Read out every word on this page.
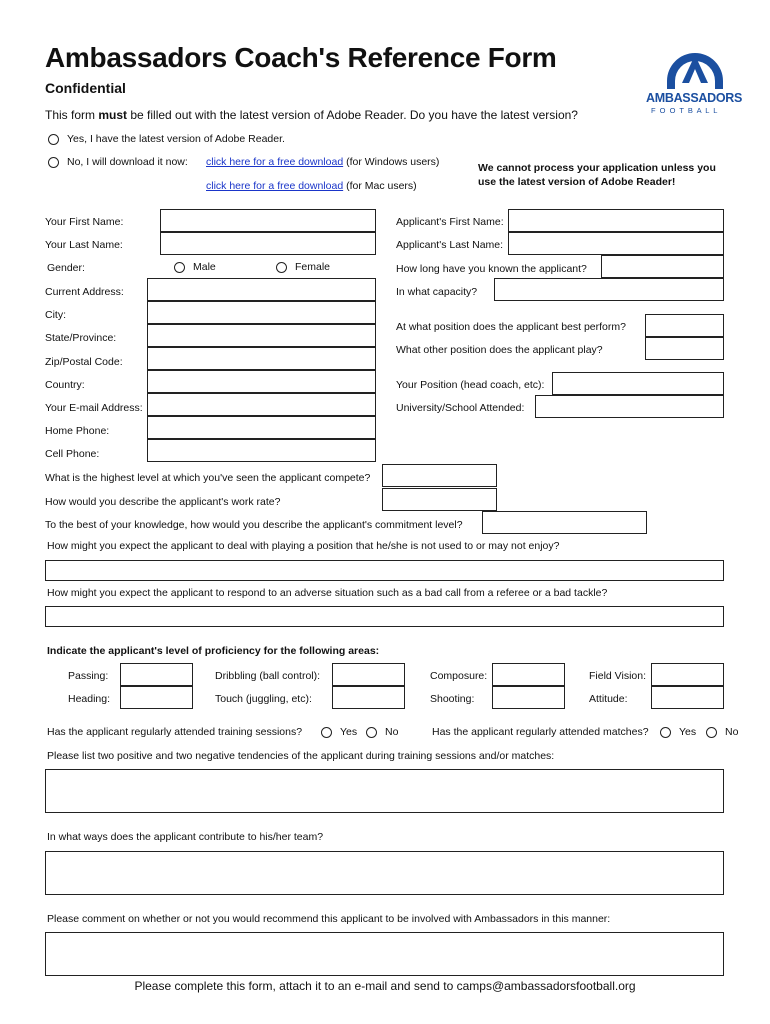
Ambassadors Coach's Reference Form
Confidential
AMBASSADORS
F O O T B A L L
This form must be filled out with the latest version of Adobe Reader. Do you have the latest version?
Yes, I have the latest version of Adobe Reader.
No, I will download it now: click here for a free download (for Windows users)
click here for a free download (for Mac users)
We cannot process your application unless you
use the latest version of Adobe Reader!
Your First Name:
Your Last Name:
Gender:	Male	Female
Current Address:
City:
State/Province:
Zip/Postal Code:
Country:
Your E-mail Address:
Home Phone:
Cell Phone:
Applicant's First Name:
Applicant's Last Name:
How long have you known the applicant?
In what capacity?
At what position does the applicant best perform?
What other position does the applicant play?
Your Position (head coach, etc):
University/School Attended:
What is the highest level at which you've seen the applicant compete?
How would you describe the applicant's work rate?
To the best of your knowledge, how would you describe the applicant's commitment level?
How might you expect the applicant to deal with playing a position that he/she is not used to or may not enjoy?
How might you expect the applicant to respond to an adverse situation such as a bad call from a referee or a bad tackle?
Indicate the applicant's level of proficiency for the following areas:
Passing:	Dribbling (ball control):	Composure:	Field Vision:
Heading:	Touch (juggling, etc):	Shooting:	Attitude:
Has the applicant regularly attended training sessions?	Yes	No	Has the applicant regularly attended matches?	Yes	No
Please list two positive and two negative tendencies of the applicant during training sessions and/or matches:
In what ways does the applicant contribute to his/her team?
Please comment on whether or not you would recommend this applicant to be involved with Ambassadors in this manner:
Please complete this form, attach it to an e-mail and send to camps@ambassadorsfootball.org
